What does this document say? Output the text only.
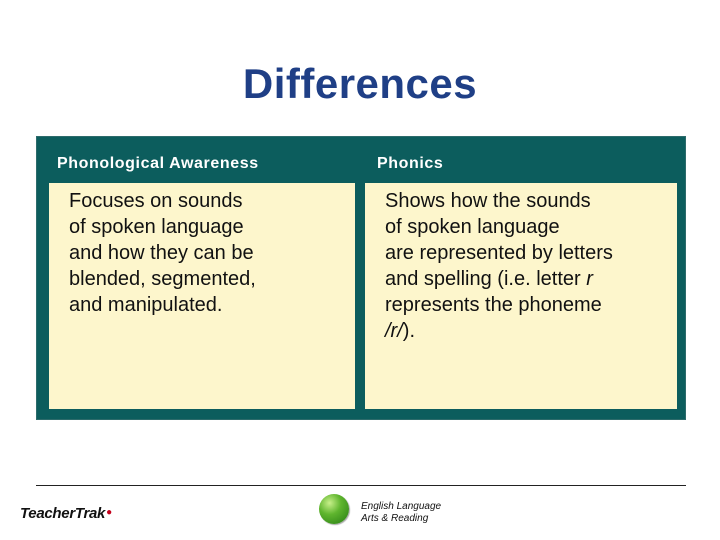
Differences
Phonological Awareness	Phonics
Focuses on sounds
of spoken language
and how they can be
blended, segmented,
and manipulated.
Shows how the sounds
of spoken language
are represented by letters
and spelling (i.e. letter r
represents the phoneme
/r/).
TeacherTrak●
English Language
Arts & Reading
